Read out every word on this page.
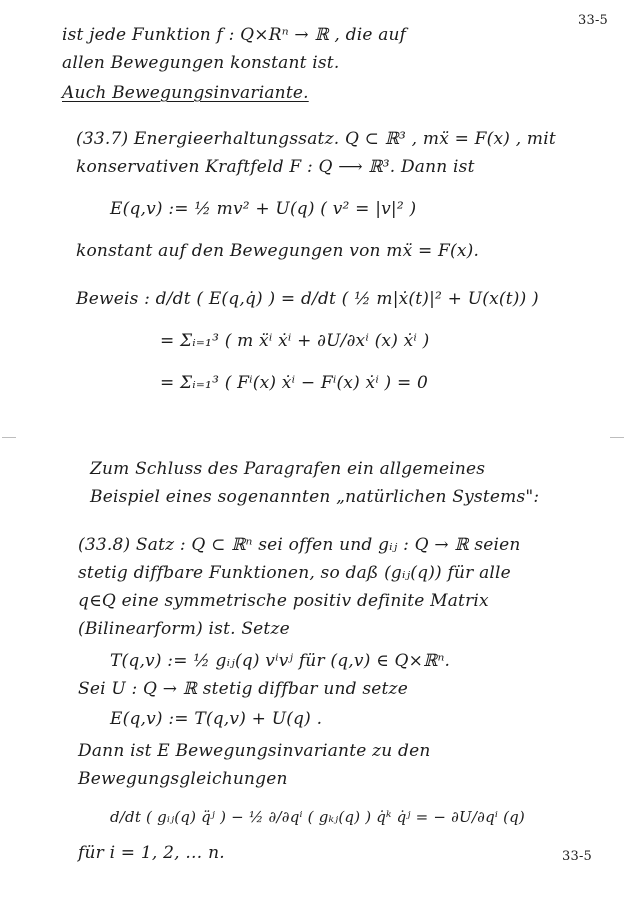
33-5
ist jede Funktion f : Q×Rⁿ → ℝ , die auf
allen Bewegungen konstant ist.
Auch Bewegungsinvariante.
(33.7) Energieerhaltungssatz. Q ⊂ ℝ³ , mẍ = F(x) , mit
konservativen Kraftfeld F : Q ⟶ ℝ³. Dann ist
E(q,v) := ½ mv² + U(q) ( v² = |v|² )
konstant auf den Bewegungen von mẍ = F(x).
Beweis : d/dt ( E(q,q̇) ) = d/dt ( ½ m|ẋ(t)|² + U(x(t)) )
= Σᵢ₌₁³ ( m ẍⁱ ẋⁱ + ∂U/∂xⁱ (x) ẋⁱ )
= Σᵢ₌₁³ ( Fⁱ(x) ẋⁱ − Fⁱ(x) ẋⁱ ) = 0
Zum Schluss des Paragrafen ein allgemeines
Beispiel eines sogenannten „natürlichen Systems":
(33.8) Satz : Q ⊂ ℝⁿ sei offen und gᵢⱼ : Q → ℝ seien
stetig diffbare Funktionen, so daß (gᵢⱼ(q)) für alle
q∈Q eine symmetrische positiv definite Matrix
(Bilinearform) ist. Setze
T(q,v) := ½ gᵢⱼ(q) vⁱvʲ für (q,v) ∈ Q×ℝⁿ.
Sei U : Q → ℝ stetig diffbar und setze
E(q,v) := T(q,v) + U(q) .
Dann ist E Bewegungsinvariante zu den
Bewegungsgleichungen
d/dt ( gᵢⱼ(q) q̈ʲ ) − ½ ∂/∂qⁱ ( gₖⱼ(q) ) q̇ᵏ q̇ʲ = − ∂U/∂qⁱ (q)
für i = 1, 2, … n.	33-5
